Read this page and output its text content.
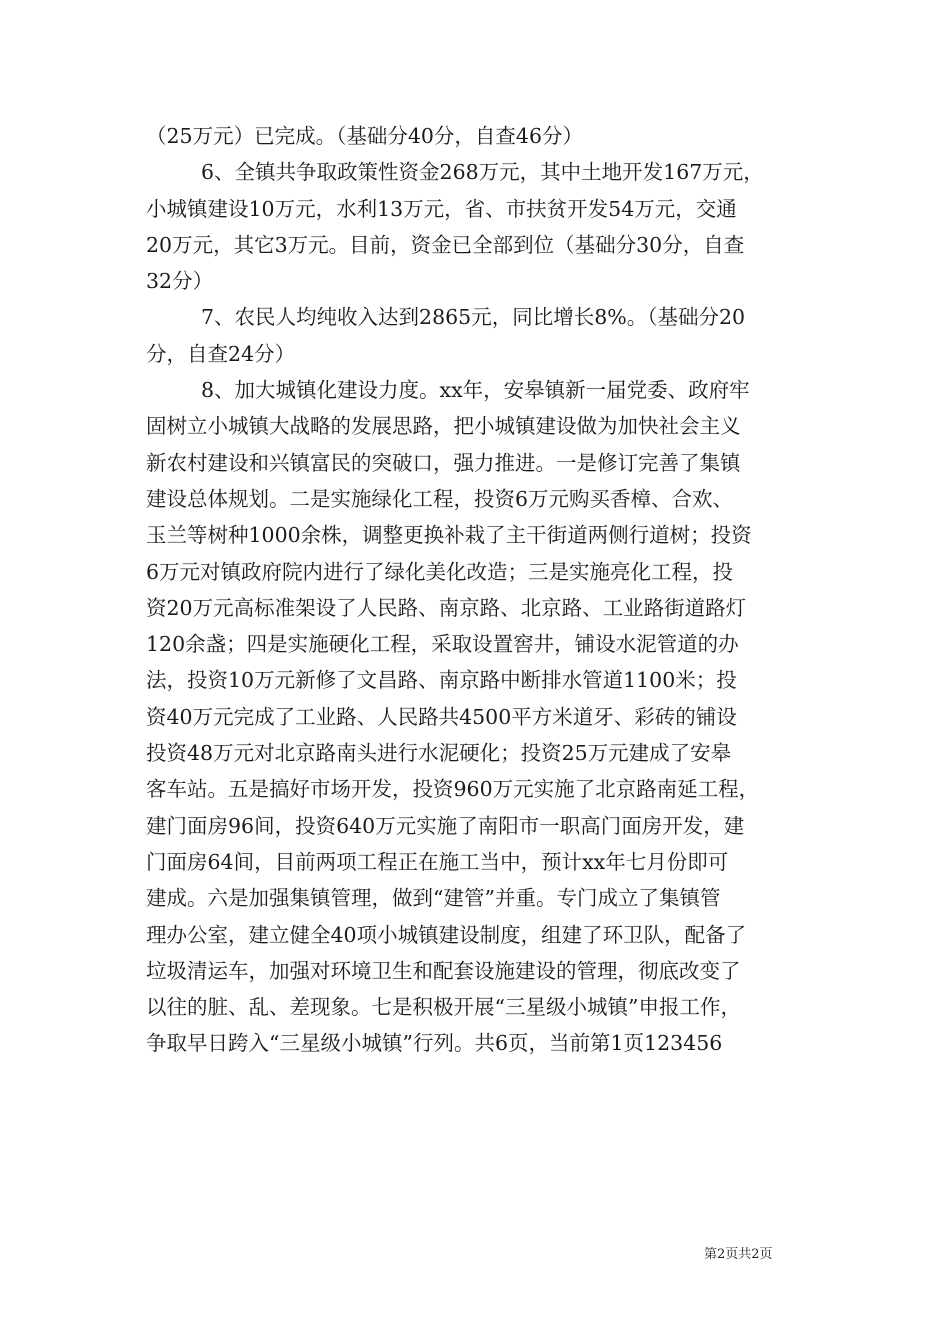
（25万元）已完成。（基础分40分，自查46分）
6、全镇共争取政策性资金268万元，其中土地开发167万元，
小城镇建设10万元，水利13万元，省、市扶贫开发54万元，交通
20万元，其它3万元。目前，资金已全部到位（基础分30分，自查
32分）
7、农民人均纯收入达到2865元，同比增长8%。（基础分20
分，自查24分）
8、加大城镇化建设力度。xx年，安皋镇新一届党委、政府牢
固树立小城镇大战略的发展思路，把小城镇建设做为加快社会主义
新农村建设和兴镇富民的突破口，强力推进。一是修订完善了集镇
建设总体规划。二是实施绿化工程，投资6万元购买香樟、合欢、
玉兰等树种1000余株，调整更换补栽了主干街道两侧行道树；投资
6万元对镇政府院内进行了绿化美化改造；三是实施亮化工程，投
资20万元高标准架设了人民路、南京路、北京路、工业路街道路灯
120余盏；四是实施硬化工程，采取设置窖井，铺设水泥管道的办
法，投资10万元新修了文昌路、南京路中断排水管道1100米；投
资40万元完成了工业路、人民路共4500平方米道牙、彩砖的铺设
投资48万元对北京路南头进行水泥硬化；投资25万元建成了安皋
客车站。五是搞好市场开发，投资960万元实施了北京路南延工程，
建门面房96间，投资640万元实施了南阳市一职高门面房开发，建
门面房64间，目前两项工程正在施工当中，预计xx年七月份即可
建成。六是加强集镇管理，做到“建管”并重。专门成立了集镇管
理办公室，建立健全40项小城镇建设制度，组建了环卫队，配备了
垃圾清运车，加强对环境卫生和配套设施建设的管理，彻底改变了
以往的脏、乱、差现象。七是积极开展“三星级小城镇”申报工作，
争取早日跨入“三星级小城镇”行列。共6页，当前第1页123456
第2页共2页
